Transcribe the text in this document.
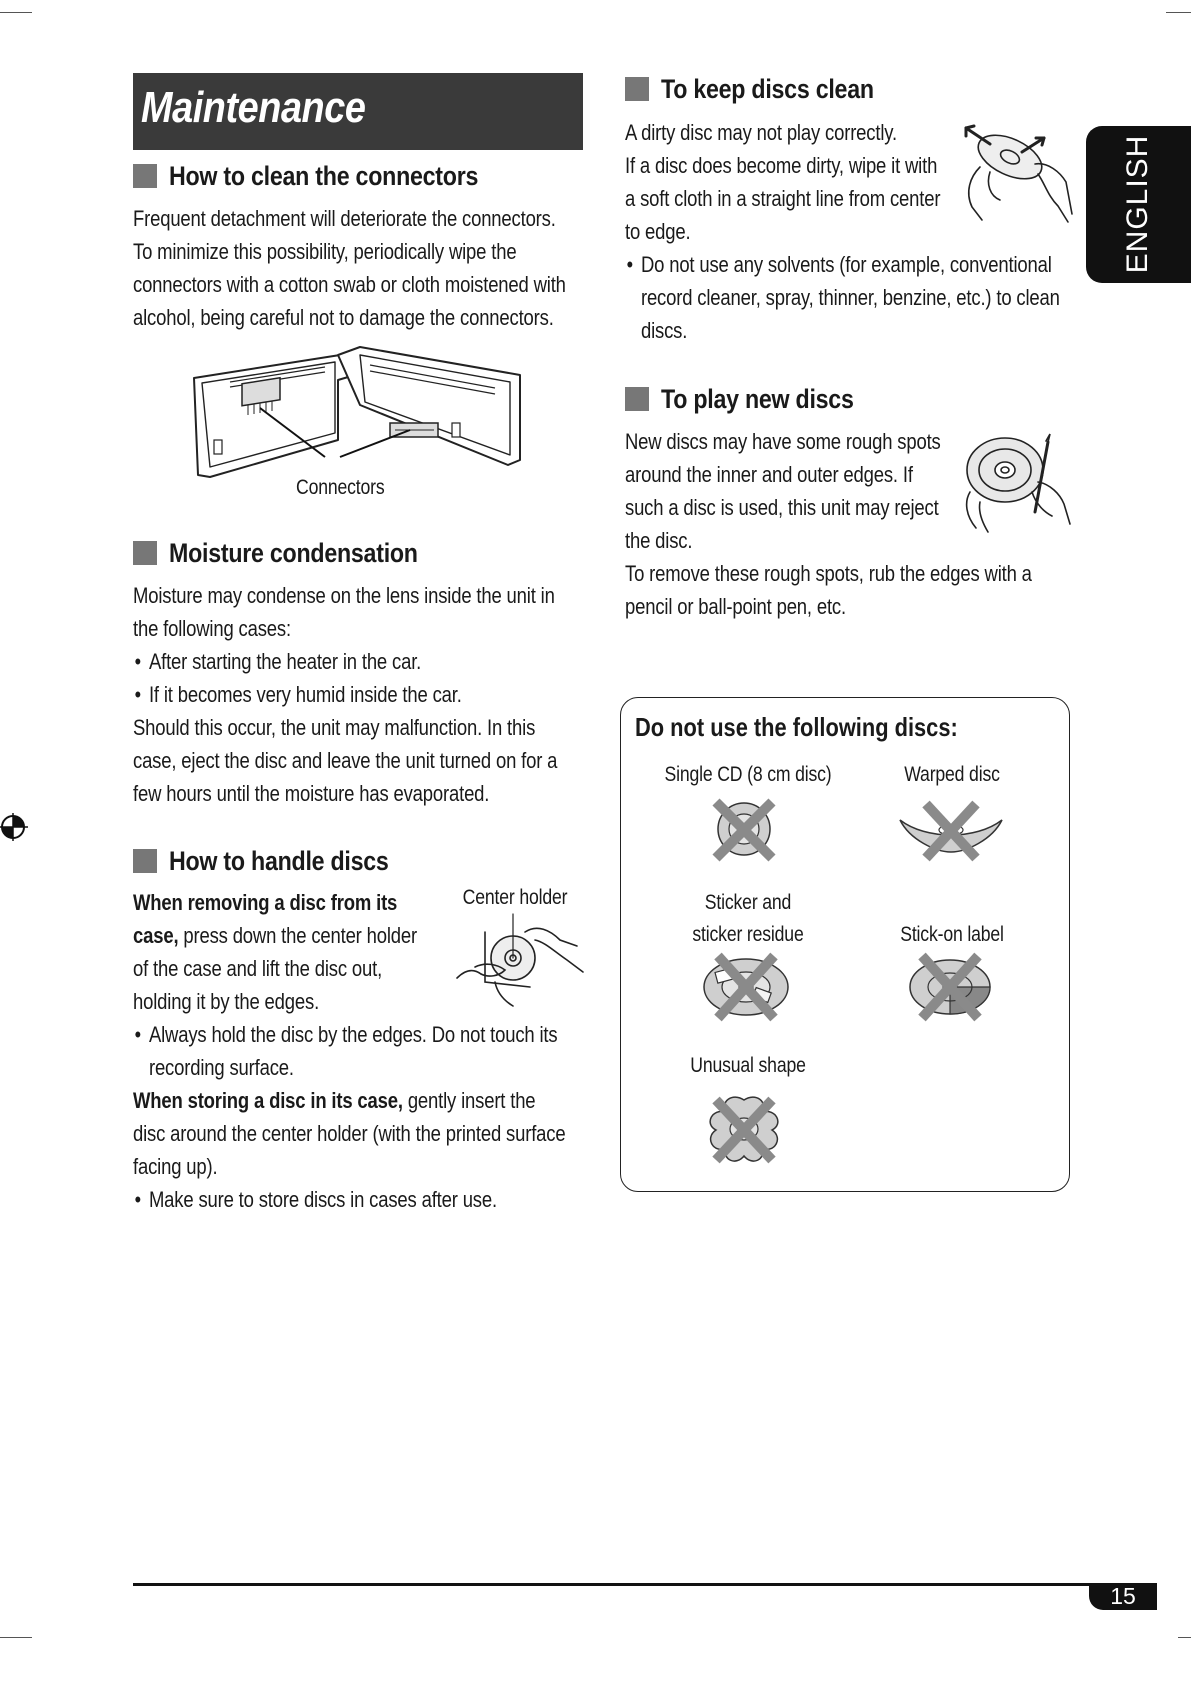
Maintenance
ENGLISH
How to clean the connectors
Frequent detachment will deteriorate the connectors.
To minimize this possibility, periodically wipe the
connectors with a cotton swab or cloth moistened with
alcohol, being careful not to damage the connectors.
Connectors
Moisture condensation
Moisture may condense on the lens inside the unit in
the following cases:
• After starting the heater in the car.
• If it becomes very humid inside the car.
Should this occur, the unit may malfunction. In this
case, eject the disc and leave the unit turned on for a
few hours until the moisture has evaporated.
How to handle discs
When removing a disc from its
case, press down the center holder
of the case and lift the disc out,
holding it by the edges.
• Always hold the disc by the edges. Do not touch its
recording surface.
When storing a disc in its case, gently insert the
disc around the center holder (with the printed surface
facing up).
• Make sure to store discs in cases after use.
Center holder
To keep discs clean
A dirty disc may not play correctly.
If a disc does become dirty, wipe it with
a soft cloth in a straight line from center
to edge.
• Do not use any solvents (for example, conventional
record cleaner, spray, thinner, benzine, etc.) to clean
discs.
To play new discs
New discs may have some rough spots
around the inner and outer edges. If
such a disc is used, this unit may reject
the disc.
To remove these rough spots, rub the edges with a
pencil or ball-point pen, etc.
Do not use the following discs:
Single CD (8 cm disc)	Warped disc
Sticker and
sticker residue	Stick-on label
Unusual shape
15
